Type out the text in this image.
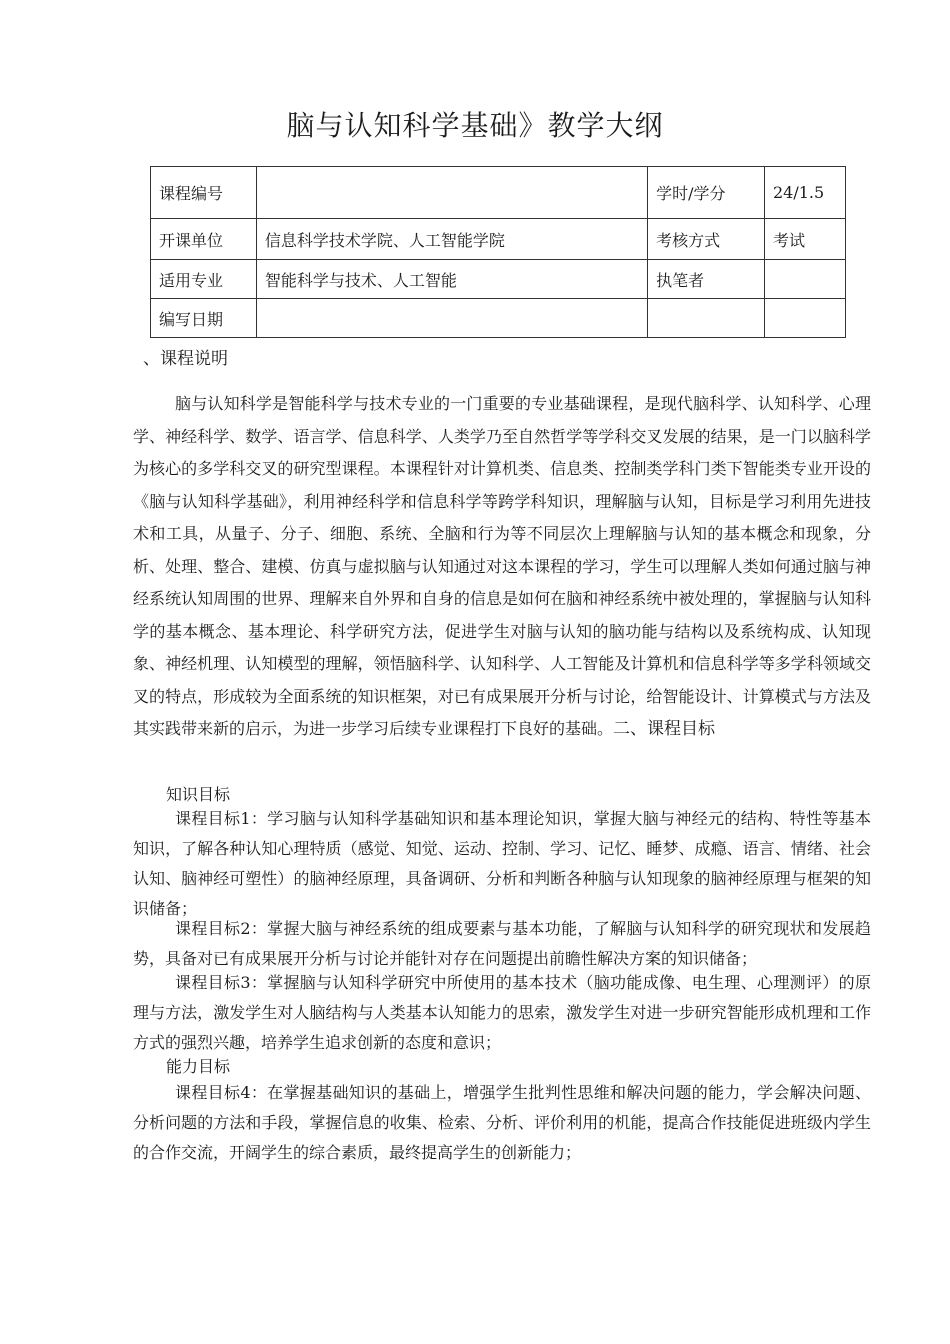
脑与认知科学基础》教学大纲
课程编号		学时/学分	24/1.5
开课单位	信息科学技术学院、人工智能学院	考核方式	考试
适用专业	智能科学与技术、人工智能	执笔者	
编写日期			
、课程说明

脑与认知科学是智能科学与技术专业的一门重要的专业基础课程，是现代脑科学、认知科学、心理学、神经科学、数学、语言学、信息科学、人类学乃至自然哲学等学科交叉发展的结果，是一门以脑科学为核心的多学科交叉的研究型课程。本课程针对计算机类、信息类、控制类学科门类下智能类专业开设的《脑与认知科学基础》，利用神经科学和信息科学等跨学科知识，理解脑与认知，目标是学习利用先进技术和工具，从量子、分子、细胞、系统、全脑和行为等不同层次上理解脑与认知的基本概念和现象，分析、处理、整合、建模、仿真与虚拟脑与认知通过对这本课程的学习，学生可以理解人类如何通过脑与神经系统认知周围的世界、理解来自外界和自身的信息是如何在脑和神经系统中被处理的，掌握脑与认知科学的基本概念、基本理论、科学研究方法，促进学生对脑与认知的脑功能与结构以及系统构成、认知现象、神经机理、认知模型的理解，领悟脑科学、认知科学、人工智能及计算机和信息科学等多学科领域交叉的特点，形成较为全面系统的知识框架，对已有成果展开分析与讨论，给智能设计、计算模式与方法及其实践带来新的启示，为进一步学习后续专业课程打下良好的基础。二、课程目标

知识目标

课程目标1：学习脑与认知科学基础知识和基本理论知识，掌握大脑与神经元的结构、特性等基本知识，了解各种认知心理特质（感觉、知觉、运动、控制、学习、记忆、睡梦、成瘾、语言、情绪、社会认知、脑神经可塑性）的脑神经原理，具备调研、分析和判断各种脑与认知现象的脑神经原理与框架的知识储备；

课程目标2：掌握大脑与神经系统的组成要素与基本功能，了解脑与认知科学的研究现状和发展趋势，具备对已有成果展开分析与讨论并能针对存在问题提出前瞻性解决方案的知识储备；

课程目标3：掌握脑与认知科学研究中所使用的基本技术（脑功能成像、电生理、心理测评）的原理与方法，激发学生对人脑结构与人类基本认知能力的思索，激发学生对进一步研究智能形成机理和工作方式的强烈兴趣，培养学生追求创新的态度和意识；

能力目标

课程目标4：在掌握基础知识的基础上，增强学生批判性思维和解决问题的能力，学会解决问题、分析问题的方法和手段，掌握信息的收集、检索、分析、评价利用的机能，提高合作技能促进班级内学生的合作交流，开阔学生的综合素质，最终提高学生的创新能力；
